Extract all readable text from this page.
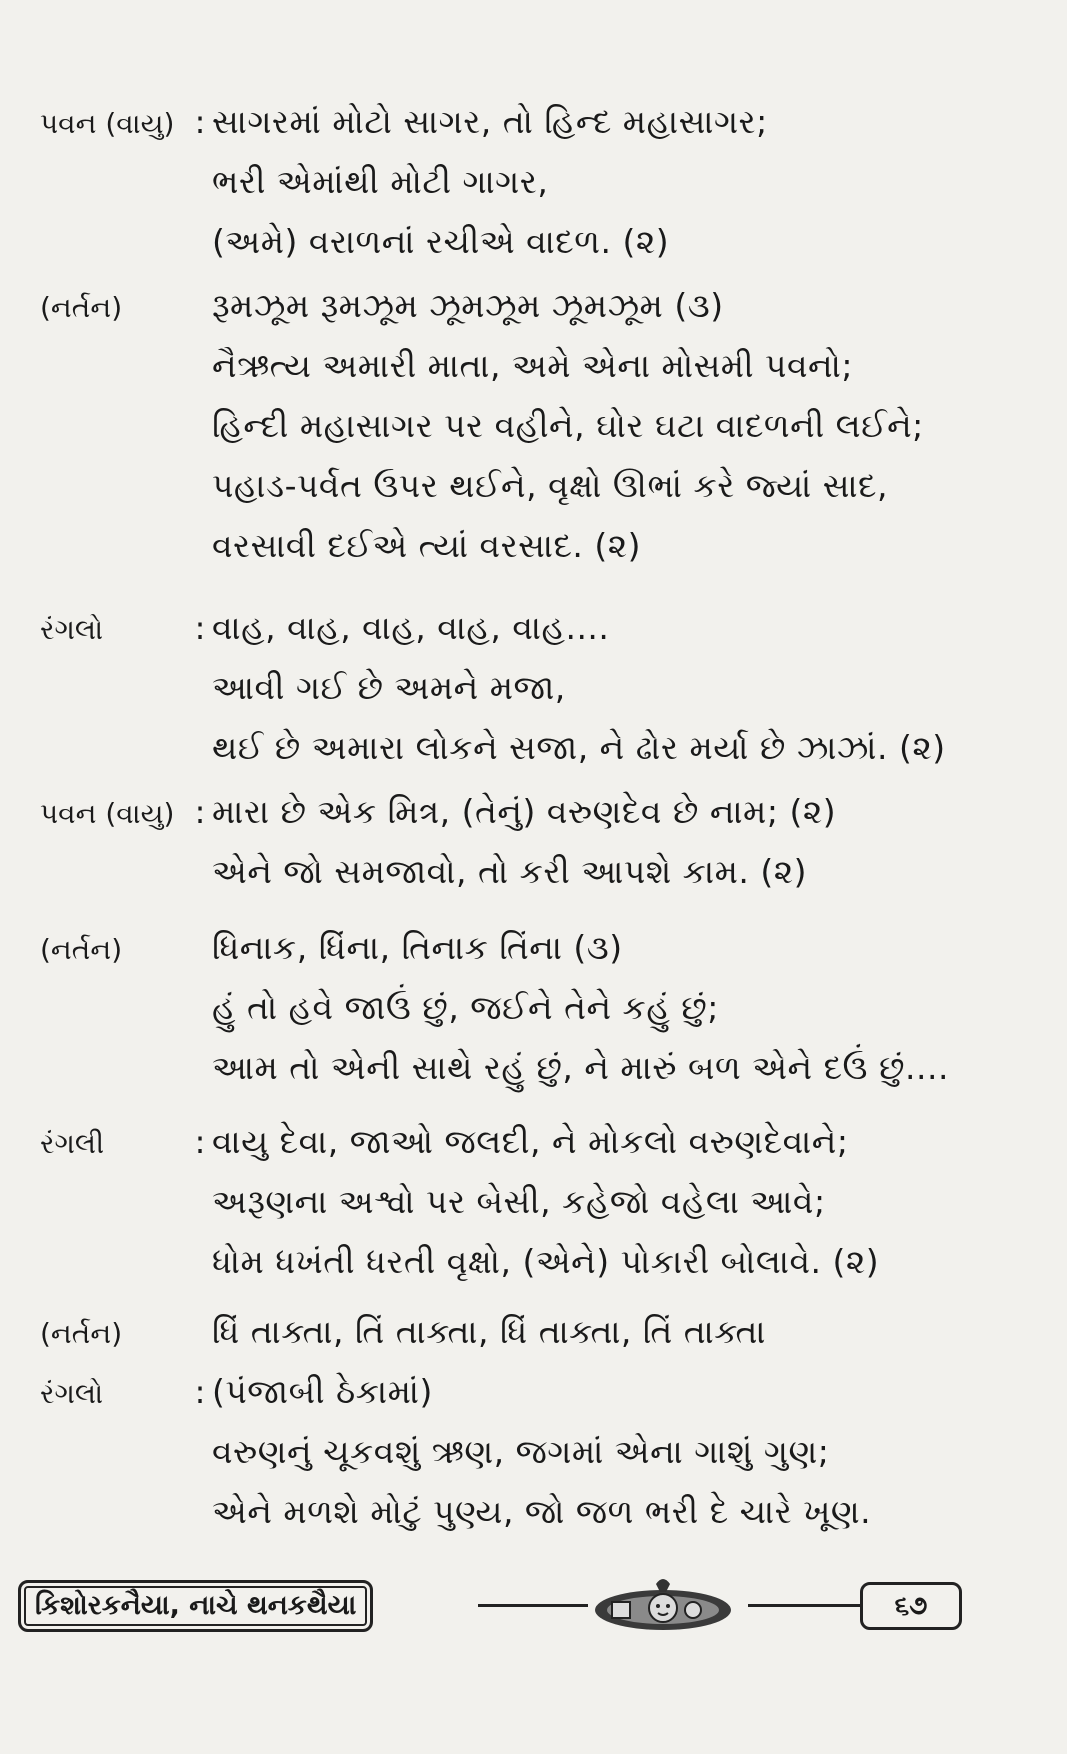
પવન (વાયુ) : સાગરમાં મોટો સાગર, તો હિન્દ મહાસાગર;
ભરી એમાંથી મોટી ગાગર,
(અમે) વરાળનાં રચીએ વાદળ. (૨)
(નર્તન)	રૂમઝૂમ રૂમઝૂમ ઝૂમઝૂમ ઝૂમઝૂમ (૩)
નૈઋત્ય અમારી માતા, અમે એના મોસમી પવનો;
હિન્દી મહાસાગર પર વહીને, ઘોર ઘટા વાદળની લઈને;
પહાડ-પર્વત ઉપર થઈને, વૃક્ષો ઊભાં કરે જ્યાં સાદ,
વરસાવી દઈએ ત્યાં વરસાદ. (૨)
રંગલો	: વાહ, વાહ, વાહ, વાહ, વાહ....
આવી ગઈ છે અમને મજા,
થઈ છે અમારા લોકને સજા, ને ઢોર મર્યા છે ઝાઝાં. (૨)
પવન (વાયુ) : મારા છે એક મિત્ર, (તેનું) વરુણદેવ છે નામ; (૨)
એને જો સમજાવો, તો કરી આપશે કામ. (૨)
(નર્તન)	ધિનાક, ધિંના, તિનાક તિંના (૩)
હું તો હવે જાઉં છું, જઈને તેને કહું છું;
આમ તો એની સાથે રહું છું, ને મારું બળ એને દઉં છું....
રંગલી	: વાયુ દેવા, જાઓ જલદી, ને મોકલો વરુણદેવાને;
અરૂણના અશ્વો પર બેસી, કહેજો વહેલા આવે;
ધોમ ધખંતી ધરતી વૃક્ષો, (એને) પોકારી બોલાવે. (૨)
(નર્તન)	ધિં તાક્તા, તિં તાક્તા, ધિં તાક્તા, તિં તાક્તા
રંગલો	: (પંજાબી ઠેકામાં)
વરુણનું ચૂકવશું ઋણ, જગમાં એના ગાશું ગુણ;
એને મળશે મોટું પુણ્ય, જો જળ ભરી દે ચારે ખૂણ.
કિશોરકનૈયા, નાચે થનકથૈયા	૬૭
